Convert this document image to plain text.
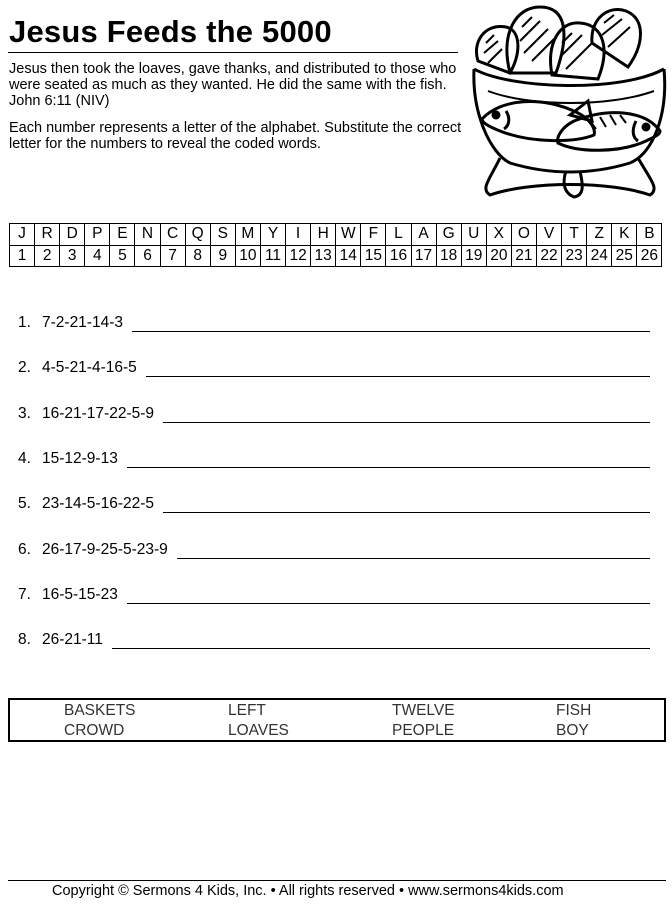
Jesus Feeds the 5000
Jesus then took the loaves, gave thanks, and distributed to those who were seated as much as they wanted. He did the same with the fish. John 6:11 (NIV)
Each number represents a letter of the alphabet. Substitute the correct letter for the numbers to reveal the coded words.
J	R	D	P	E	N	C	Q	S	M	Y	I	H	W	F	L	A	G	U	X	O	V	T	Z	K	B
1	2	3	4	5	6	7	8	9	10	11	12	13	14	15	16	17	18	19	20	21	22	23	24	25	26
1. 7-2-21-14-3
2. 4-5-21-4-16-5
3. 16-21-17-22-5-9
4. 15-12-9-13
5. 23-14-5-16-22-5
6. 26-17-9-25-5-23-9
7. 16-5-15-23
8. 26-21-11
BASKETS	LEFT	TWELVE	FISH
CROWD	LOAVES	PEOPLE	BOY
Copyright © Sermons 4 Kids, Inc. • All rights reserved • www.sermons4kids.com
